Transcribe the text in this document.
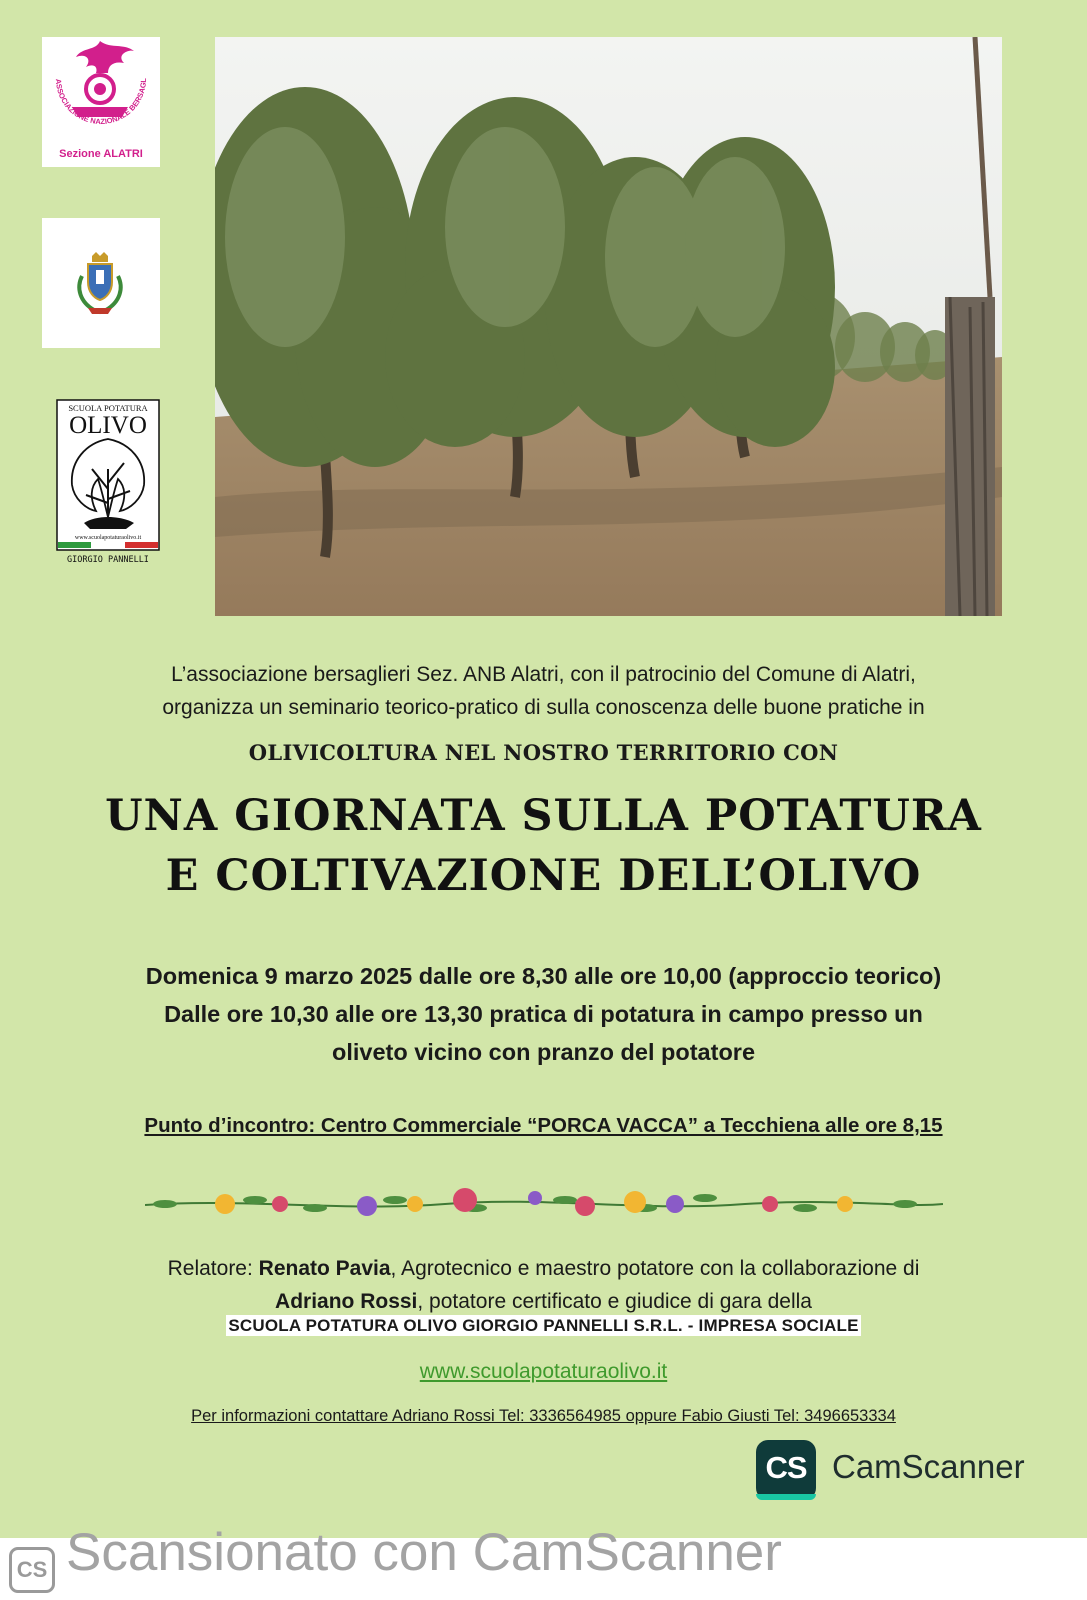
ASSOCIAZIONE NAZIONALE BERSAGL
Sezione ALATRI
SCUOLA POTATURA
OLIVO
www.scuolapotaturaolivo.it
GIORGIO PANNELLI
L’associazione bersaglieri Sez. ANB Alatri, con il patrocinio del Comune di Alatri,
organizza un seminario teorico-pratico di sulla conoscenza delle buone pratiche in
OLIVICOLTURA NEL NOSTRO TERRITORIO CON
UNA GIORNATA SULLA POTATURA
E COLTIVAZIONE DELL’OLIVO
Domenica 9 marzo 2025 dalle ore 8,30 alle ore 10,00 (approccio teorico)
Dalle ore 10,30 alle ore 13,30 pratica di potatura in campo presso un
oliveto vicino con pranzo del potatore
Punto d’incontro: Centro Commerciale “PORCA VACCA” a Tecchiena alle ore 8,15
Relatore: Renato Pavia, Agrotecnico e maestro potatore con la collaborazione di
Adriano Rossi, potatore certificato e giudice di gara della
SCUOLA POTATURA OLIVO GIORGIO PANNELLI S.R.L. - IMPRESA SOCIALE
www.scuolapotaturaolivo.it
Per informazioni contattare Adriano Rossi Tel: 3336564985 oppure Fabio Giusti Tel: 3496653334
CS CamScanner
CS Scansionato con CamScanner
